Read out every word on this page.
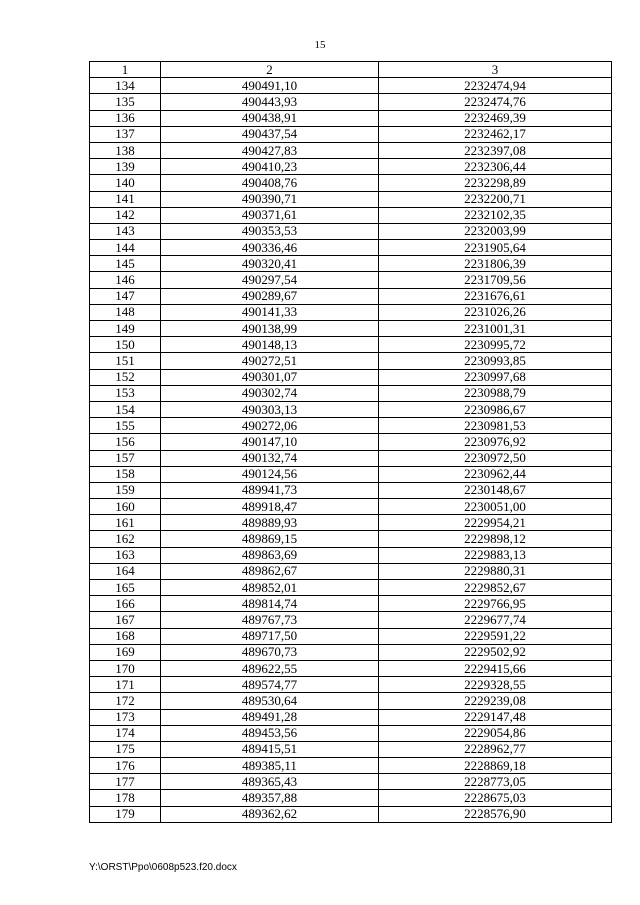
15
1	2	3
134	490491,10	2232474,94
135	490443,93	2232474,76
136	490438,91	2232469,39
137	490437,54	2232462,17
138	490427,83	2232397,08
139	490410,23	2232306,44
140	490408,76	2232298,89
141	490390,71	2232200,71
142	490371,61	2232102,35
143	490353,53	2232003,99
144	490336,46	2231905,64
145	490320,41	2231806,39
146	490297,54	2231709,56
147	490289,67	2231676,61
148	490141,33	2231026,26
149	490138,99	2231001,31
150	490148,13	2230995,72
151	490272,51	2230993,85
152	490301,07	2230997,68
153	490302,74	2230988,79
154	490303,13	2230986,67
155	490272,06	2230981,53
156	490147,10	2230976,92
157	490132,74	2230972,50
158	490124,56	2230962,44
159	489941,73	2230148,67
160	489918,47	2230051,00
161	489889,93	2229954,21
162	489869,15	2229898,12
163	489863,69	2229883,13
164	489862,67	2229880,31
165	489852,01	2229852,67
166	489814,74	2229766,95
167	489767,73	2229677,74
168	489717,50	2229591,22
169	489670,73	2229502,92
170	489622,55	2229415,66
171	489574,77	2229328,55
172	489530,64	2229239,08
173	489491,28	2229147,48
174	489453,56	2229054,86
175	489415,51	2228962,77
176	489385,11	2228869,18
177	489365,43	2228773,05
178	489357,88	2228675,03
179	489362,62	2228576,90
Y:\ORST\Ppo\0608p523.f20.docx
